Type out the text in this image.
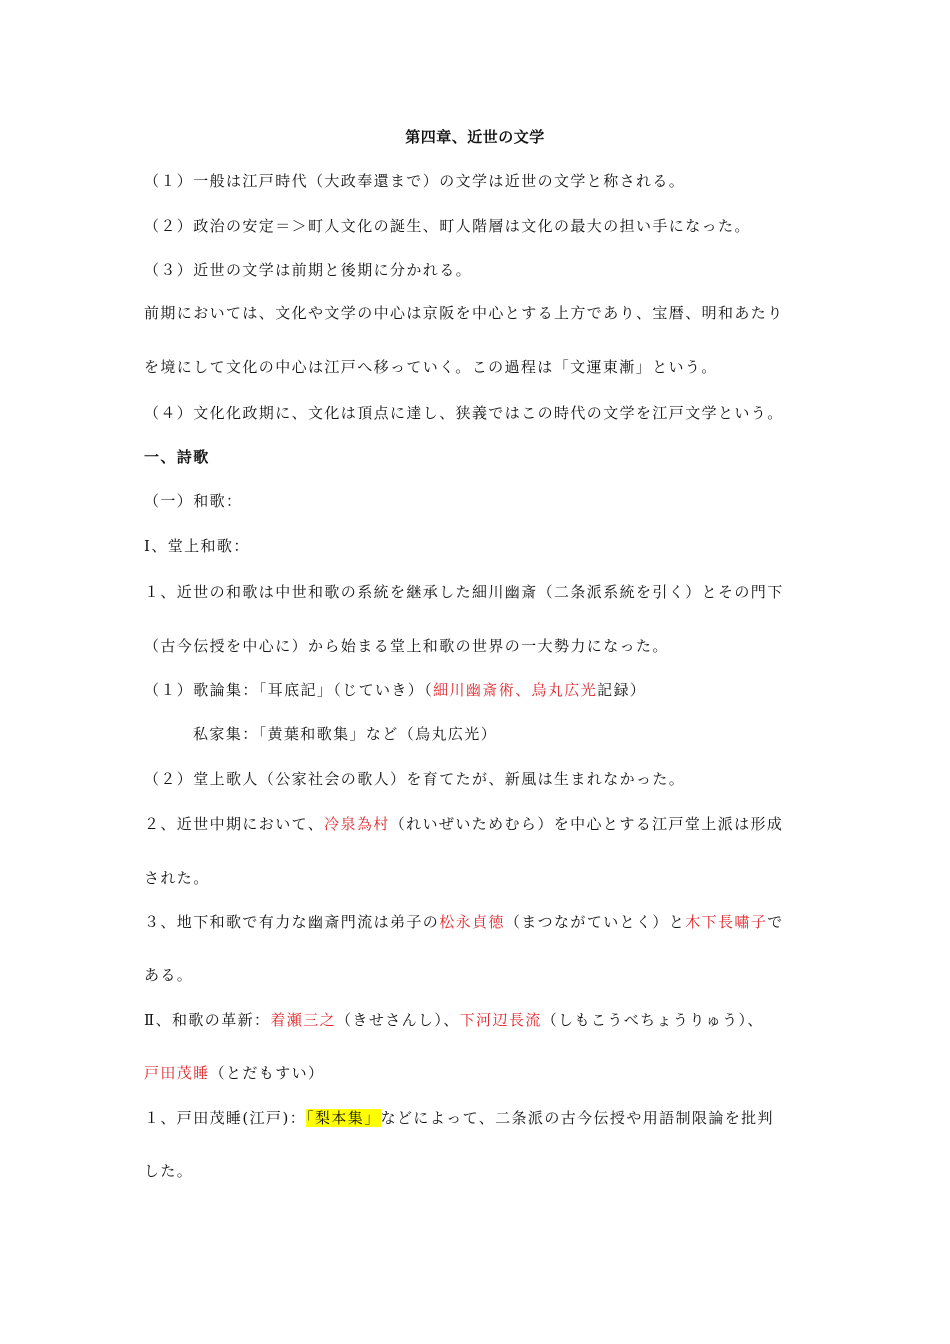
第四章、近世の文学
（１）一般は江戸時代（大政奉還まで）の文学は近世の文学と称される。
（２）政治の安定＝＞町人文化の誕生、町人階層は文化の最大の担い手になった。
（３）近世の文学は前期と後期に分かれる。
前期においては、文化や文学の中心は京阪を中心とする上方であり、宝暦、明和あたり
を境にして文化の中心は江戸へ移っていく。この過程は「文運東漸」という。
（４）文化化政期に、文化は頂点に達し、狭義ではこの時代の文学を江戸文学という。
一、詩歌
（一）和歌：
Ⅰ、堂上和歌：
１、近世の和歌は中世和歌の系統を継承した細川幽斎（二条派系統を引く）とその門下
（古今伝授を中心に）から始まる堂上和歌の世界の一大勢力になった。
（１）歌論集：「耳底記」（じていき）（細川幽斎術、烏丸広光記録）
私家集：「黄葉和歌集」など（烏丸広光）
（２）堂上歌人（公家社会の歌人）を育てたが、新風は生まれなかった。
２、近世中期において、冷泉為村（れいぜいためむら）を中心とする江戸堂上派は形成
された。
３、地下和歌で有力な幽斎門流は弟子の松永貞徳（まつながていとく）と木下長嘯子で
ある。
Ⅱ、和歌の革新：着瀬三之（きせさんし）、下河辺長流（しもこうべちょうりゅう）、
戸田茂睡（とだもすい）
１、戸田茂睡(江戸)：「梨本集」などによって、二条派の古今伝授や用語制限論を批判
した。
